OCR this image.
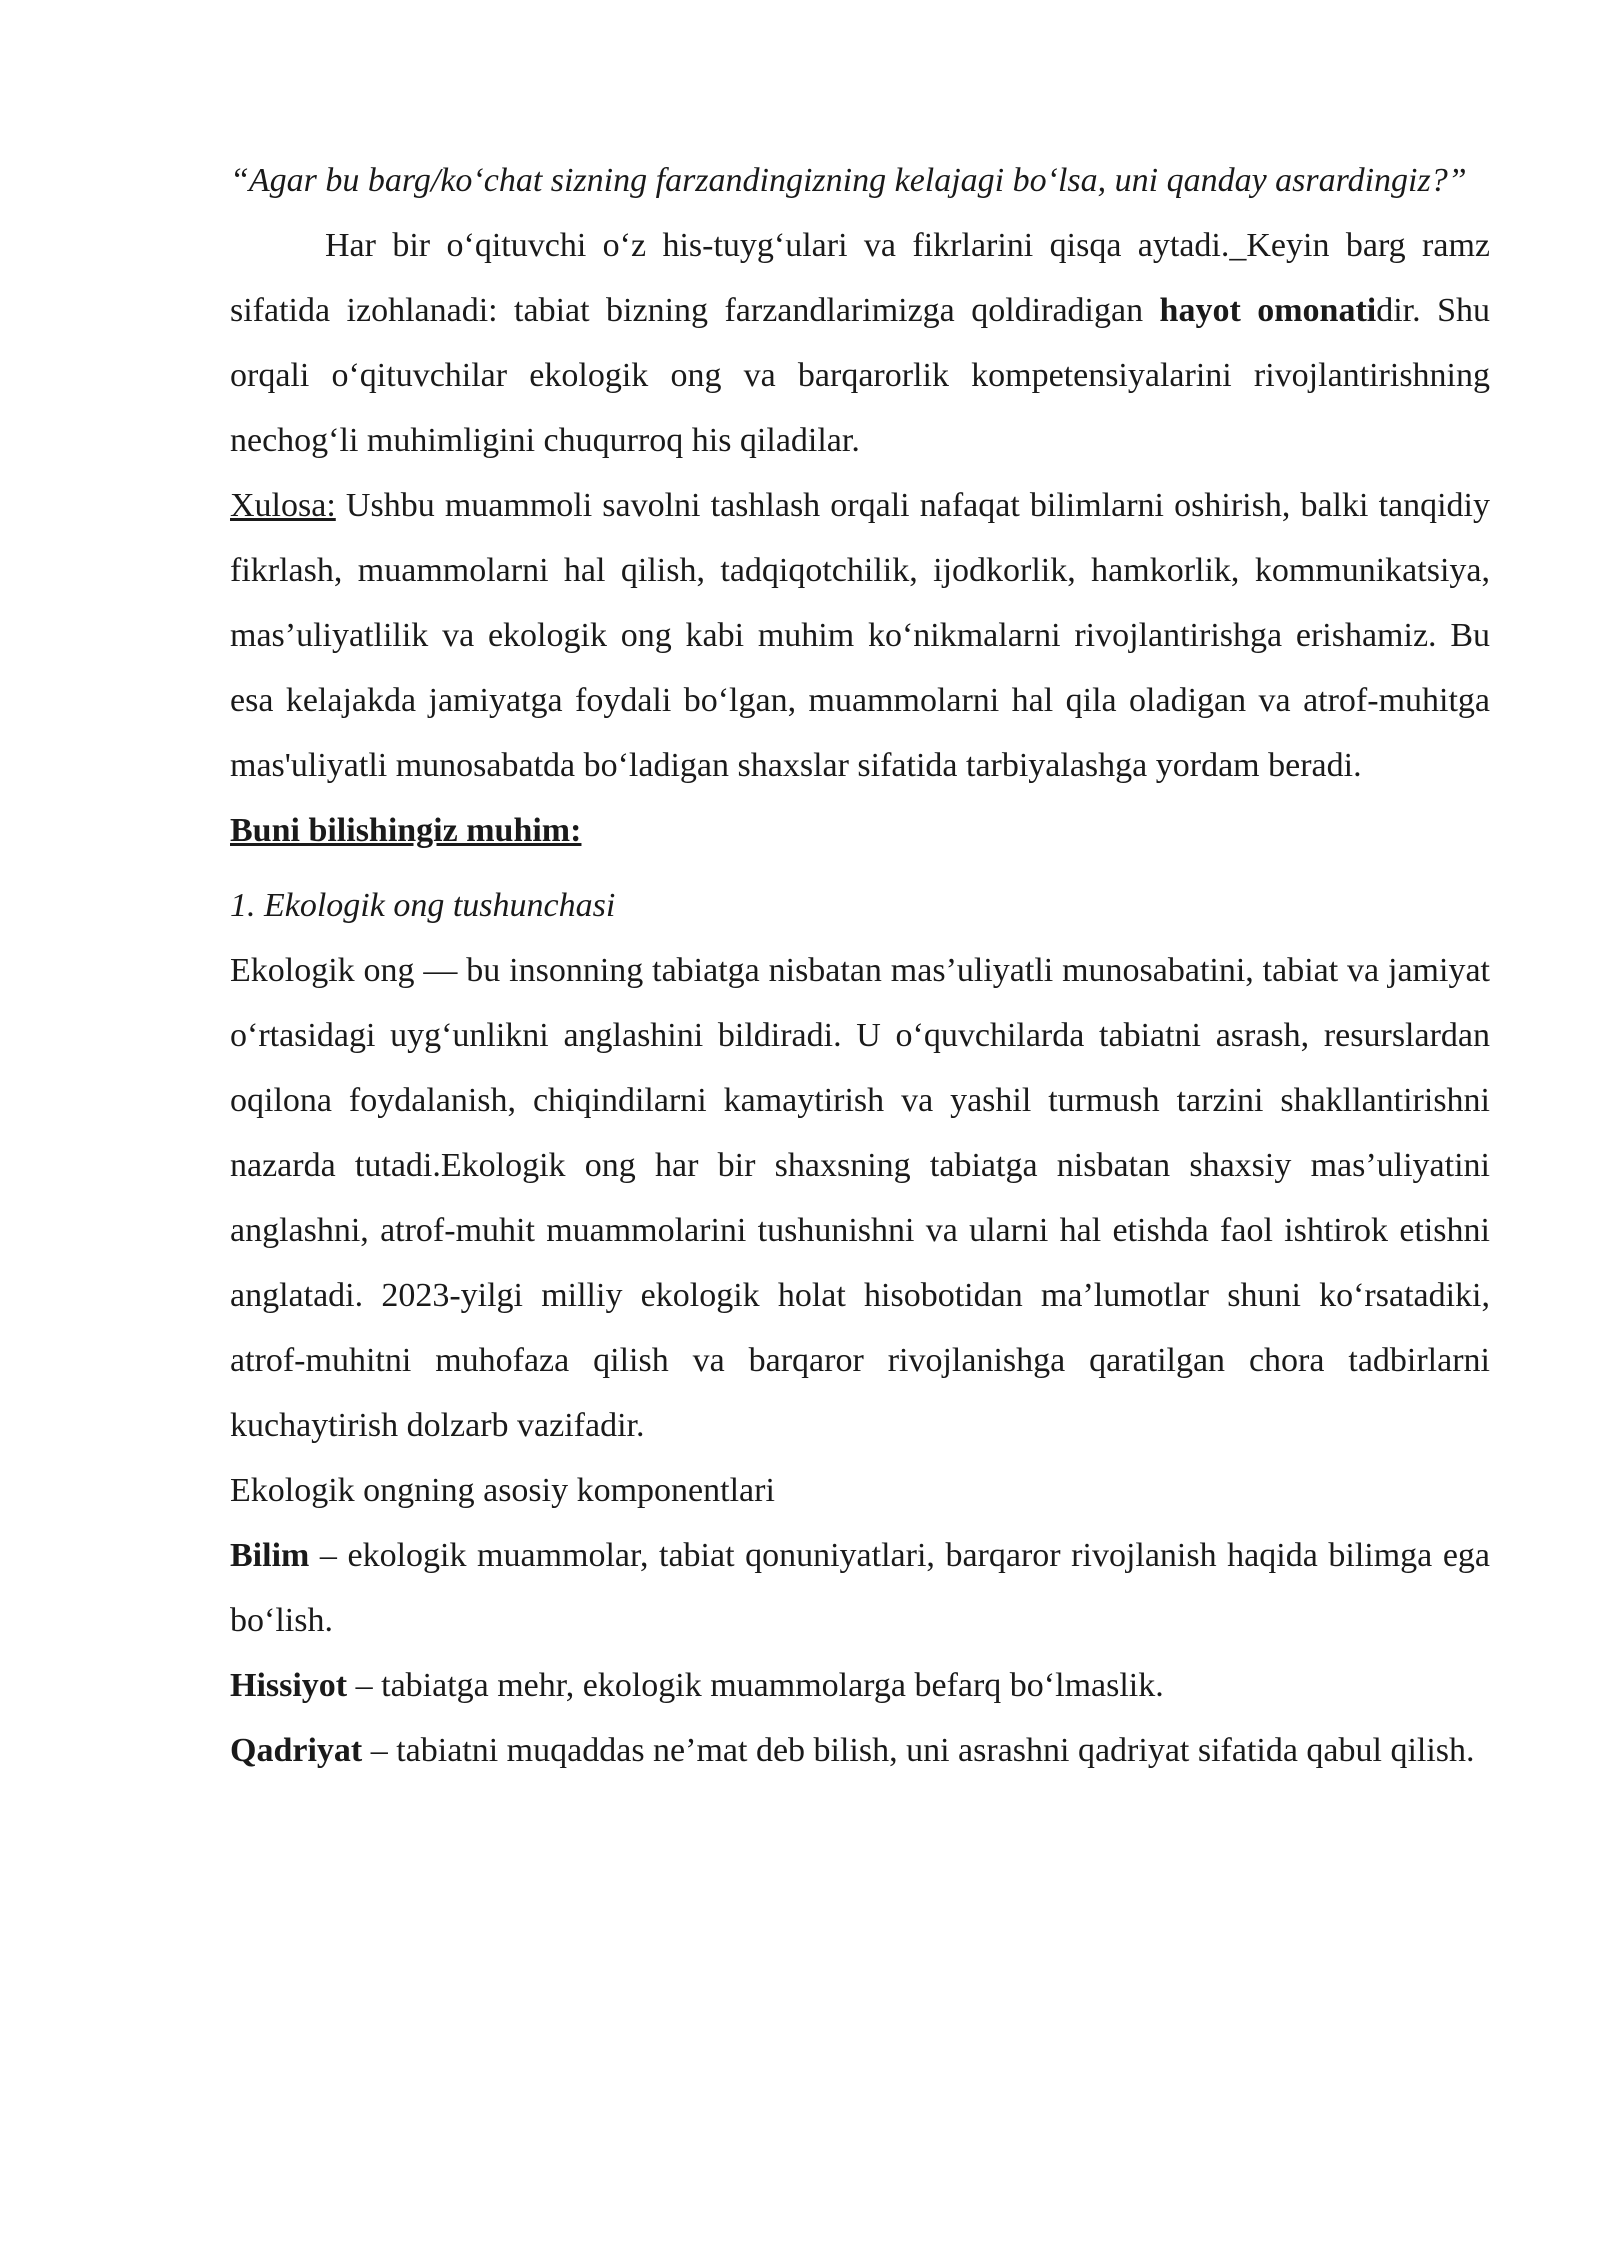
“Agar bu barg/ko‘chat sizning farzandingizning kelajagi bo‘lsa, uni qanday asrardingiz?”

Har bir o‘qituvchi o‘z his-tuyg‘ulari va fikrlarini qisqa aytadi._Keyin barg ramz sifatida izohlanadi: tabiat bizning farzandlarimizga qoldiradigan hayot omonatidir. Shu orqali o‘qituvchilar ekologik ong va barqarorlik kompetensiyalarini rivojlantirishning nechog‘li muhimligini chuqurroq his qiladilar.

Xulosa: Ushbu muammoli savolni tashlash orqali nafaqat bilimlarni oshirish, balki tanqidiy fikrlash, muammolarni hal qilish, tadqiqotchilik, ijodkorlik, hamkorlik, kommunikatsiya, mas’uliyatlilik va ekologik ong kabi muhim ko‘nikmalarni rivojlantirishga erishamiz. Bu esa kelajakda jamiyatga foydali bo‘lgan, muammolarni hal qila oladigan va atrof-muhitga mas'uliyatli munosabatda bo‘ladigan shaxslar sifatida tarbiyalashga yordam beradi.

Buni bilishingiz muhim:

1. Ekologik ong tushunchasi

Ekologik ong — bu insonning tabiatga nisbatan mas’uliyatli munosabatini, tabiat va jamiyat o‘rtasidagi uyg‘unlikni anglashini bildiradi. U o‘quvchilarda tabiatni asrash, resurslardan oqilona foydalanish, chiqindilarni kamaytirish va yashil turmush tarzini shakllantirishni nazarda tutadi.Ekologik ong har bir shaxsning tabiatga nisbatan shaxsiy mas’uliyatini anglashni, atrof-muhit muammolarini tushunishni va ularni hal etishda faol ishtirok etishni anglatadi. 2023-yilgi milliy ekologik holat hisobotidan ma’lumotlar shuni ko‘rsatadiki, atrof-muhitni muhofaza qilish va barqaror rivojlanishga qaratilgan chora tadbirlarni kuchaytirish dolzarb vazifadir.

Ekologik ongning asosiy komponentlari

Bilim – ekologik muammolar, tabiat qonuniyatlari, barqaror rivojlanish haqida bilimga ega bo‘lish.

Hissiyot – tabiatga mehr, ekologik muammolarga befarq bo‘lmaslik.

Qadriyat – tabiatni muqaddas ne’mat deb bilish, uni asrashni qadriyat sifatida qabul qilish.
